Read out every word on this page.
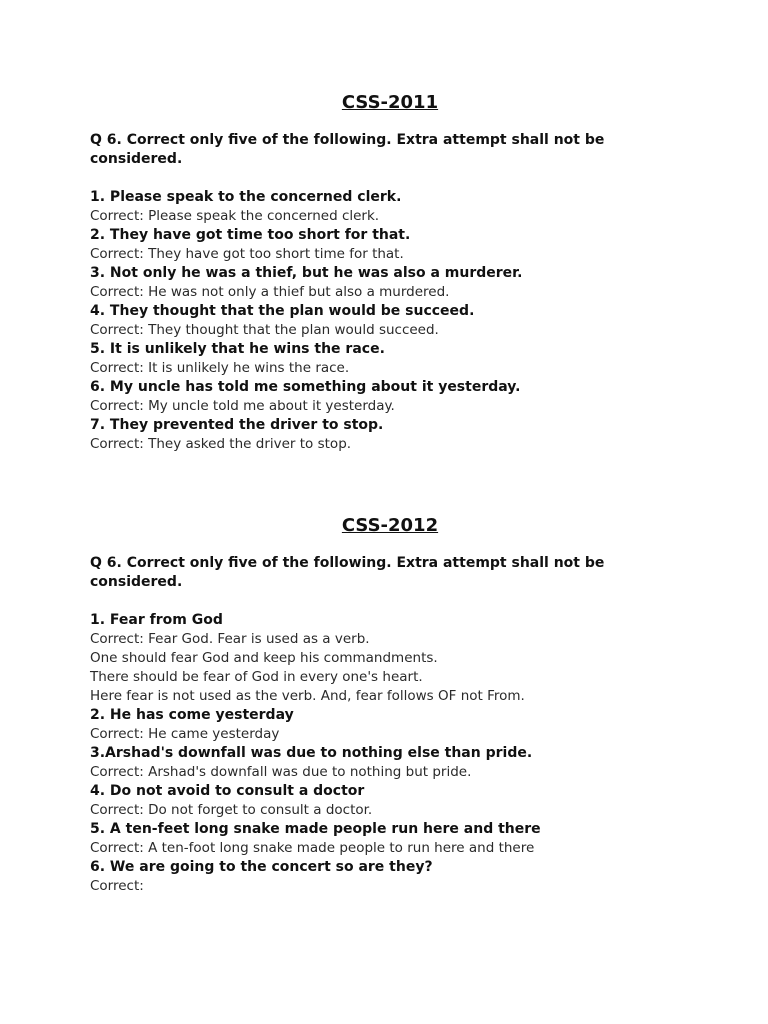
CSS-2011

Q 6. Correct only five of the following. Extra attempt shall not be considered.

1. Please speak to the concerned clerk.
Correct: Please speak the concerned clerk.
2. They have got time too short for that.
Correct: They have got too short time for that.
3. Not only he was a thief, but he was also a murderer.
Correct: He was not only a thief but also a murdered.
4. They thought that the plan would be succeed.
Correct: They thought that the plan would succeed.
5. It is unlikely that he wins the race.
Correct: It is unlikely he wins the race.
6. My uncle has told me something about it yesterday.
Correct: My uncle told me about it yesterday.
7. They prevented the driver to stop.
Correct: They asked the driver to stop.
CSS-2012

Q 6. Correct only five of the following. Extra attempt shall not be considered.

1. Fear from God
Correct: Fear God. Fear is used as a verb.
One should fear God and keep his commandments.
There should be fear of God in every one's heart.
Here fear is not used as the verb. And, fear follows OF not From.
2. He has come yesterday
Correct: He came yesterday
3.Arshad's downfall was due to nothing else than pride.
Correct: Arshad's downfall was due to nothing but pride.
4. Do not avoid to consult a doctor
Correct: Do not forget to consult a doctor.
5. A ten-feet long snake made people run here and there
Correct: A ten-foot long snake made people to run here and there
6. We are going to the concert so are they?
Correct:
